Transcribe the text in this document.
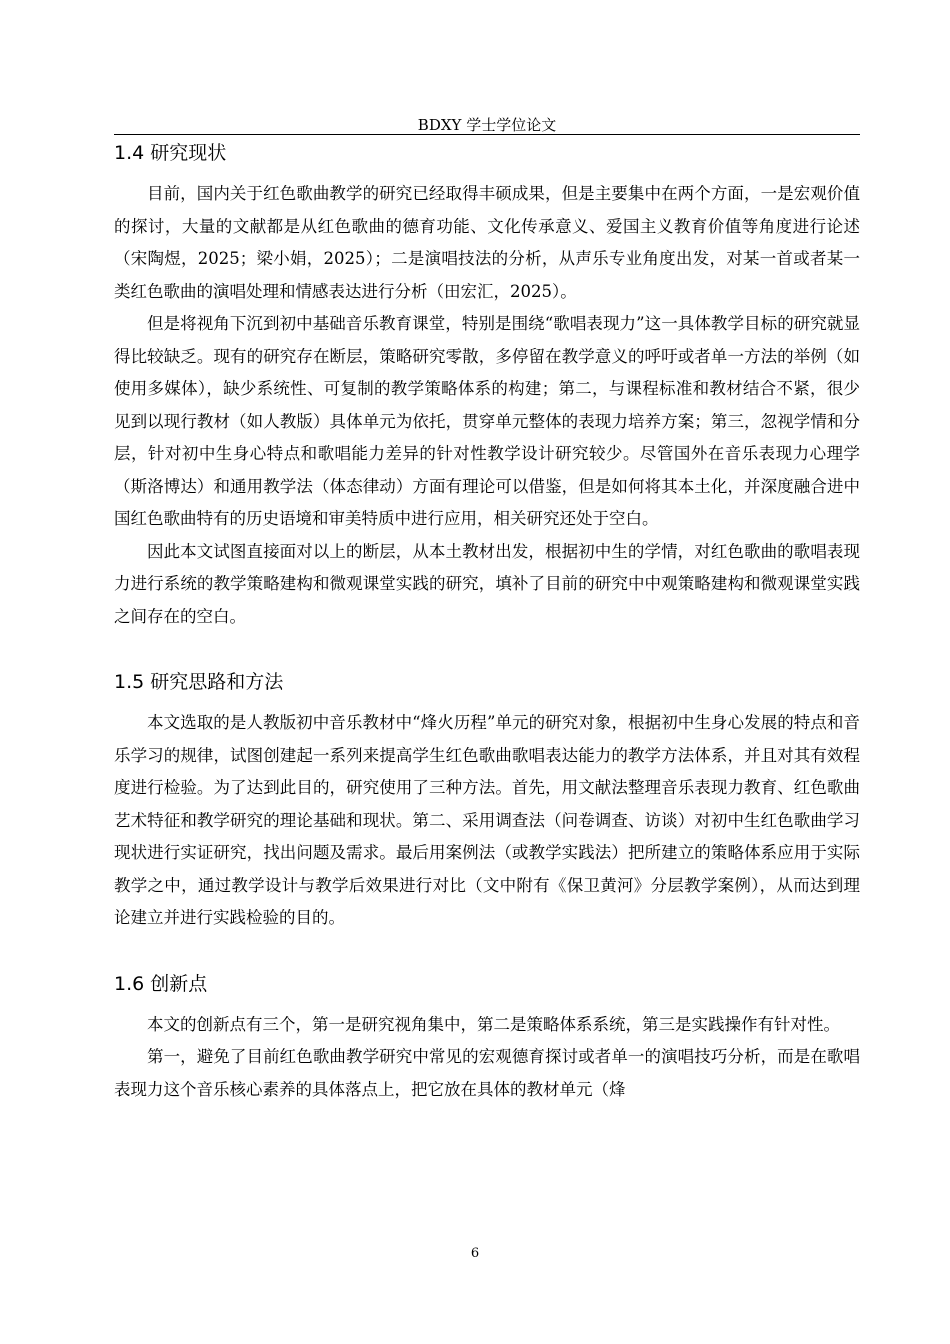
BDXY 学士学位论文
1.4 研究现状

目前，国内关于红色歌曲教学的研究已经取得丰硕成果，但是主要集中在两个方面，一是宏观价值的探讨，大量的文献都是从红色歌曲的德育功能、文化传承意义、爱国主义教育价值等角度进行论述（宋陶煜，2025；梁小娟，2025）；二是演唱技法的分析，从声乐专业角度出发，对某一首或者某一类红色歌曲的演唱处理和情感表达进行分析（田宏汇，2025）。

但是将视角下沉到初中基础音乐教育课堂，特别是围绕“歌唱表现力”这一具体教学目标的研究就显得比较缺乏。现有的研究存在断层，策略研究零散，多停留在教学意义的呼吁或者单一方法的举例（如使用多媒体），缺少系统性、可复制的教学策略体系的构建；第二，与课程标准和教材结合不紧，很少见到以现行教材（如人教版）具体单元为依托，贯穿单元整体的表现力培养方案；第三，忽视学情和分层，针对初中生身心特点和歌唱能力差异的针对性教学设计研究较少。尽管国外在音乐表现力心理学（斯洛博达）和通用教学法（体态律动）方面有理论可以借鉴，但是如何将其本土化，并深度融合进中国红色歌曲特有的历史语境和审美特质中进行应用，相关研究还处于空白。

因此本文试图直接面对以上的断层，从本土教材出发，根据初中生的学情，对红色歌曲的歌唱表现力进行系统的教学策略建构和微观课堂实践的研究，填补了目前的研究中中观策略建构和微观课堂实践之间存在的空白。

1.5 研究思路和方法

本文选取的是人教版初中音乐教材中“烽火历程”单元的研究对象，根据初中生身心发展的特点和音乐学习的规律，试图创建起一系列来提高学生红色歌曲歌唱表达能力的教学方法体系，并且对其有效程度进行检验。为了达到此目的，研究使用了三种方法。首先，用文献法整理音乐表现力教育、红色歌曲艺术特征和教学研究的理论基础和现状。第二、采用调查法（问卷调查、访谈）对初中生红色歌曲学习现状进行实证研究，找出问题及需求。最后用案例法（或教学实践法）把所建立的策略体系应用于实际教学之中，通过教学设计与教学后效果进行对比（文中附有《保卫黄河》分层教学案例），从而达到理论建立并进行实践检验的目的。

1.6 创新点

本文的创新点有三个，第一是研究视角集中，第二是策略体系系统，第三是实践操作有针对性。

第一，避免了目前红色歌曲教学研究中常见的宏观德育探讨或者单一的演唱技巧分析，而是在歌唱表现力这个音乐核心素养的具体落点上，把它放在具体的教材单元（烽

6
